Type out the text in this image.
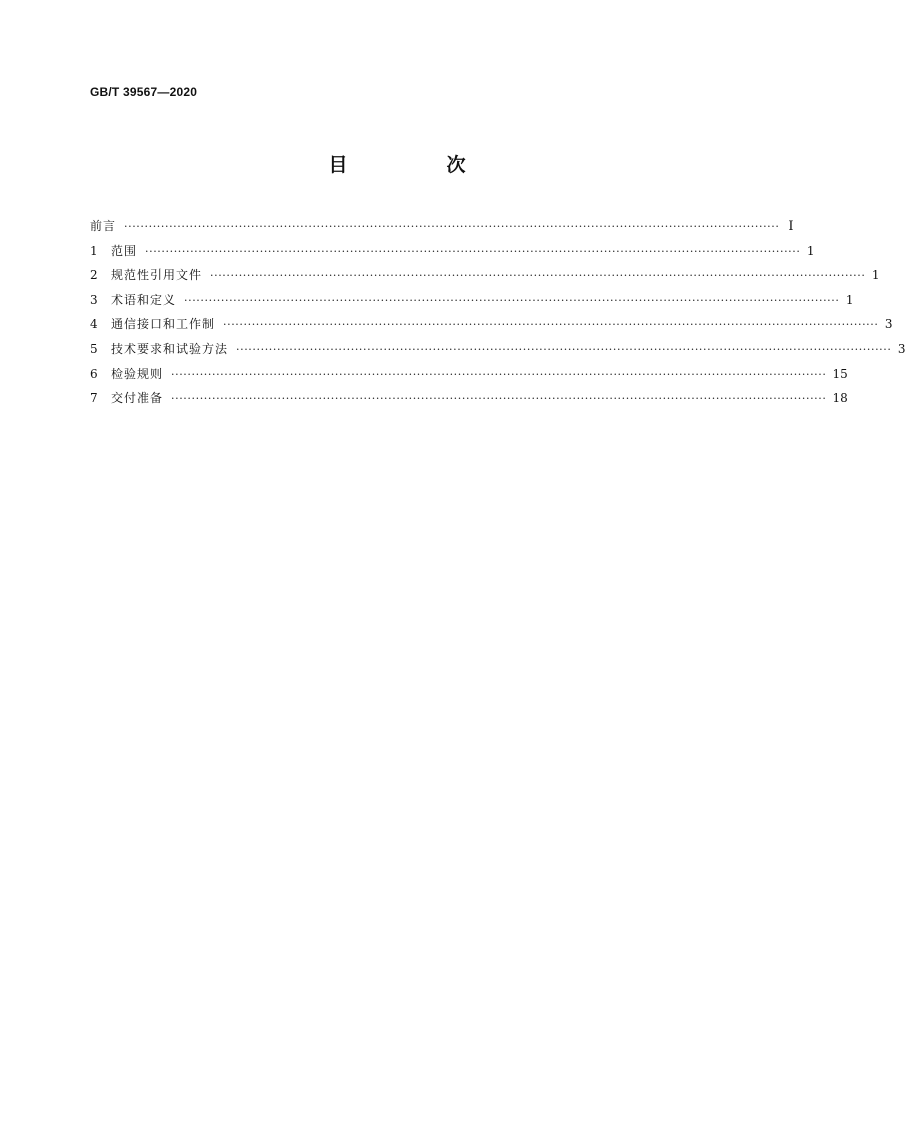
GB/T 39567—2020
目　次
前言 ································································································································································ I
1	范围 ································································································································································ 1
2	规范性引用文件 ································································································································································ 1
3	术语和定义 ································································································································································ 1
4	通信接口和工作制 ································································································································································ 3
5	技术要求和试验方法 ································································································································································ 3
6	检验规则 ································································································································································ 15
7	交付准备 ································································································································································ 18
